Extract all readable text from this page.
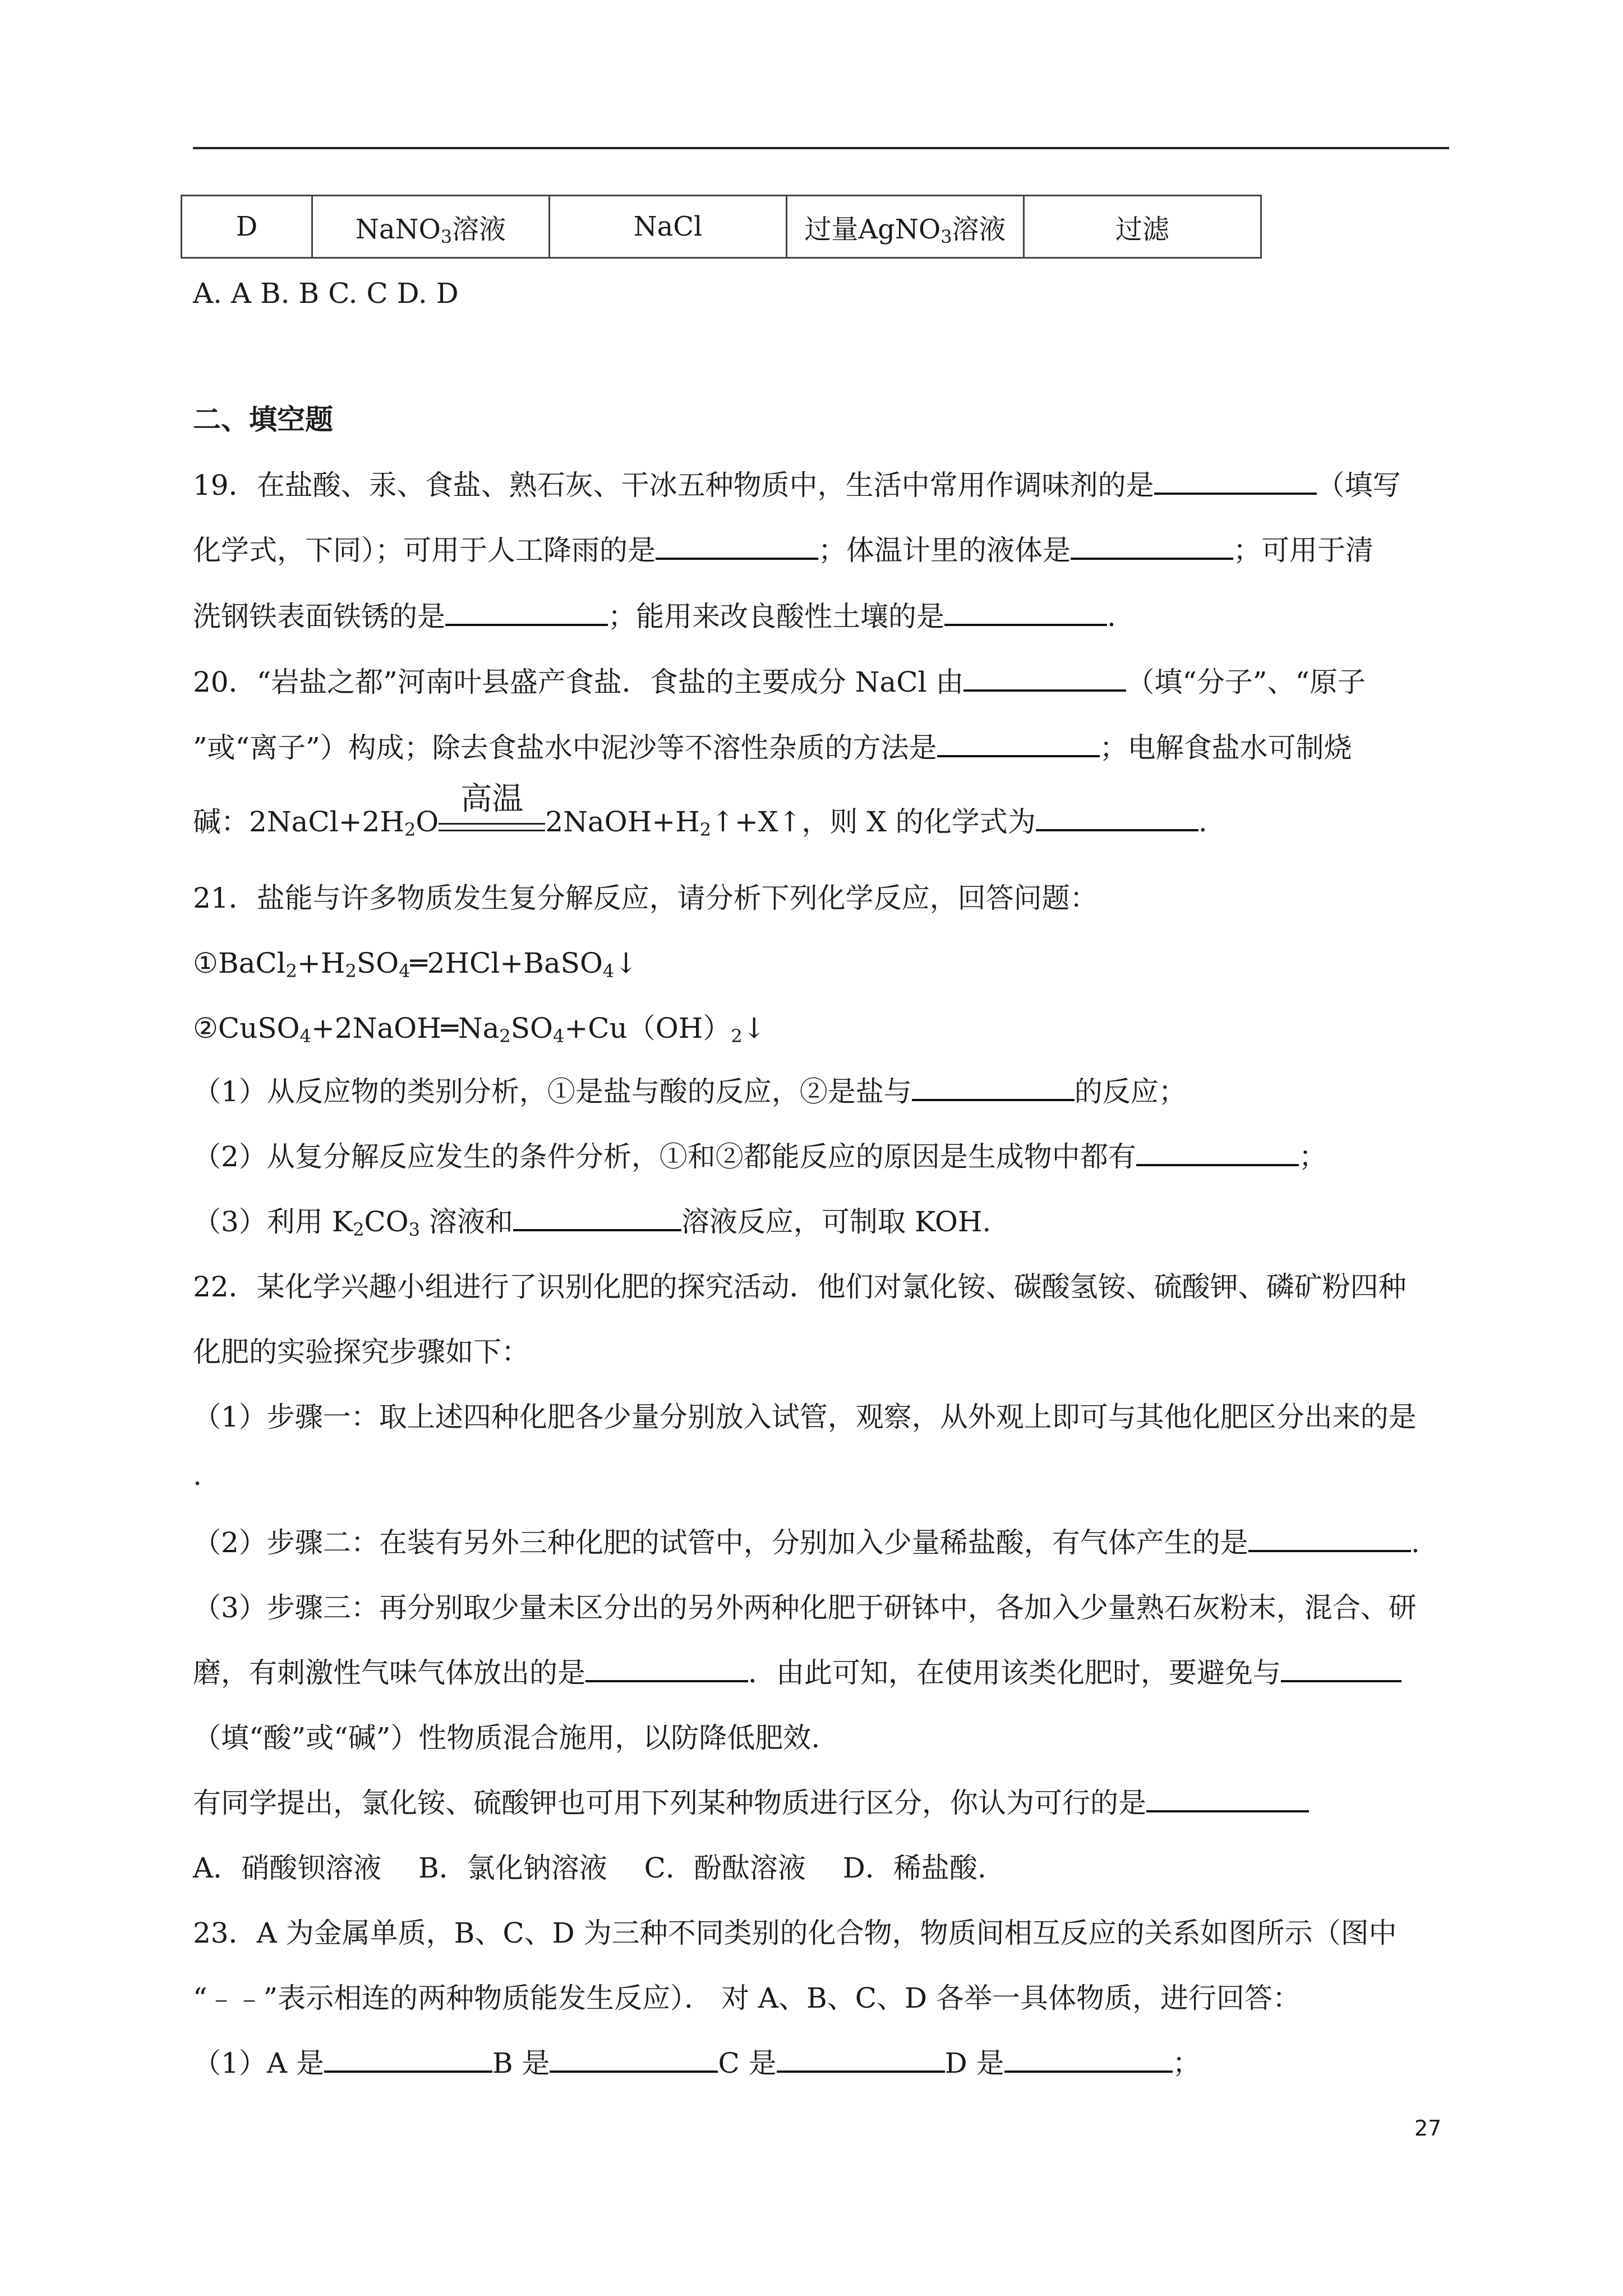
D	NaNO$_3$溶液	NaCl	过量AgNO$_3$溶液	过滤
A. A B. B C. C D. D
二、填空题
19．在盐酸、汞、食盐、熟石灰、干冰五种物质中，生活中常用作调味剂的是	（填写
化学式，下同）；可用于人工降雨的是	；体温计里的液体是	；可用于清
洗钢铁表面铁锈的是	；能用来改良酸性土壤的是	.
20．“岩盐之都”河南叶县盛产食盐．食盐的主要成分 NaCl 由	（填“分子”、“原子
”或“离子”）构成；除去食盐水中泥沙等不溶性杂质的方法是	；电解食盐水可制烧
碱：$2NaCl+2H_2O$
高温
$2NaOH+H_2↑+X↑$，则 X 的化学式为	.
21．盐能与许多物质发生复分解反应，请分析下列化学反应，回答问题：
$①BaCl_2+H_2SO_4═2HCl+BaSO_4↓$
$②CuSO_4+2NaOH═Na_2SO_4+Cu(OH)_2↓$
（1）从反应物的类别分析，①是盐与酸的反应，②是盐与	的反应；
（2）从复分解反应发生的条件分析，①和②都能反应的原因是生成物中都有	；
（3）利用 $K_2CO_3$ 溶液和	溶液反应，可制取 KOH.
22．某化学兴趣小组进行了识别化肥的探究活动．他们对氯化铵、碳酸氢铵、硫酸钾、磷矿粉四种
化肥的实验探究步骤如下：
（1）步骤一：取上述四种化肥各少量分别放入试管，观察，从外观上即可与其他化肥区分出来的是
.
（2）步骤二：在装有另外三种化肥的试管中，分别加入少量稀盐酸，有气体产生的是	.
（3）步骤三：再分别取少量未区分出的另外两种化肥于研钵中，各加入少量熟石灰粉末，混合、研
磨，有刺激性气味气体放出的是	．由此可知，在使用该类化肥时，要避免与
（填“酸”或“碱”）性物质混合施用，以防降低肥效.
有同学提出，氯化铵、硫酸钾也可用下列某种物质进行区分，你认为可行的是
A．硝酸钡溶液　 B．氯化钠溶液　 C．酚酞溶液　 D．稀盐酸.
23．A 为金属单质，B、C、D 为三种不同类别的化合物，物质间相互反应的关系如图所示（图中
“﹣﹣”表示相连的两种物质能发生反应）． 对 A、B、C、D 各举一具体物质，进行回答：
（1）A 是	B 是	C 是	D 是	；
27
